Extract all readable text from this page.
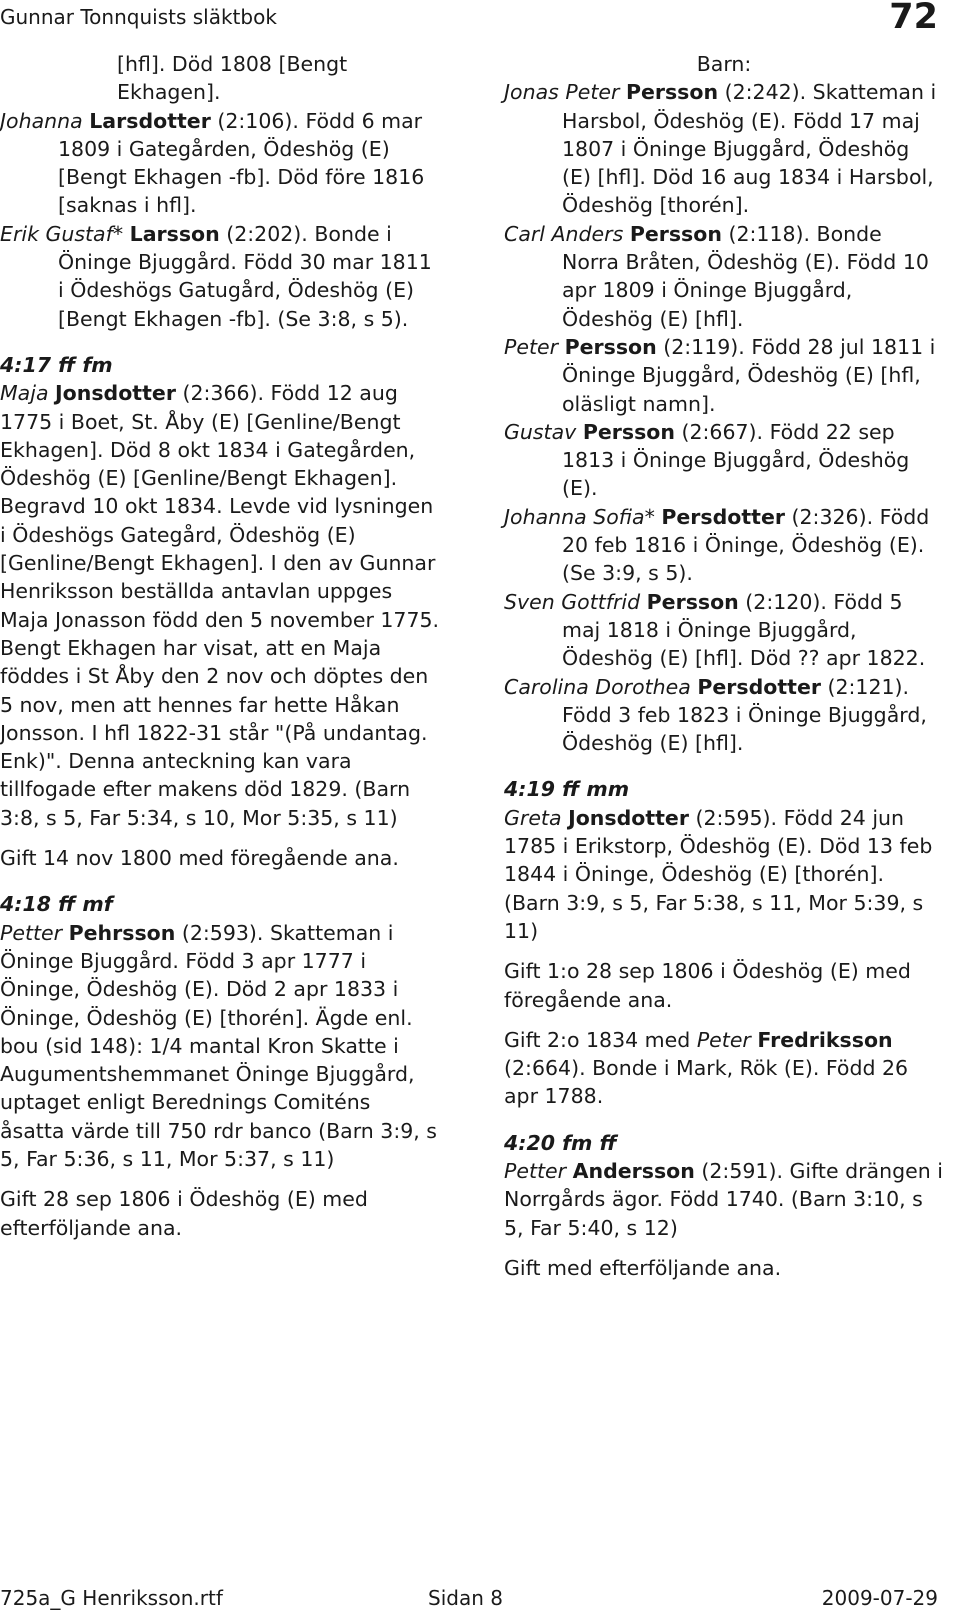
Gunnar Tonnquists släktbok	72
[hfl]. Död 1808 [Bengt Ekhagen].
Johanna Larsdotter (2:106). Född 6 mar 1809 i Gategården, Ödeshög (E) [Bengt Ekhagen -fb]. Död före 1816 [saknas i hfl].
Erik Gustaf* Larsson (2:202). Bonde i Öninge Bjuggård. Född 30 mar 1811 i Ödeshögs Gatugård, Ödeshög (E) [Bengt Ekhagen -fb]. (Se 3:8, s 5).

4:17 ff fm

Maja Jonsdotter (2:366). Född 12 aug 1775 i Boet, St. Åby (E) [Genline/Bengt Ekhagen]. Död 8 okt 1834 i Gategården, Ödeshög (E) [Genline/Bengt Ekhagen]. Begravd 10 okt 1834. Levde vid lysningen i Ödeshögs Gategård, Ödeshög (E) [Genline/Bengt Ekhagen]. I den av Gunnar Henriksson beställda antavlan uppges Maja Jonasson född den 5 november 1775. Bengt Ekhagen har visat, att en Maja föddes i St Åby den 2 nov och döptes den 5 nov, men att hennes far hette Håkan Jonsson. I hfl 1822-31 står "(På undantag. Enk)". Denna anteckning kan vara tillfogade efter makens död 1829. (Barn 3:8, s 5, Far 5:34, s 10, Mor 5:35, s 11)

Gift 14 nov 1800 med föregående ana.

4:18 ff mf

Petter Pehrsson (2:593). Skatteman i Öninge Bjuggård. Född 3 apr 1777 i Öninge, Ödeshög (E). Död 2 apr 1833 i Öninge, Ödeshög (E) [thorén]. Ägde enl. bou (sid 148): 1/4 mantal Kron Skatte i Augumentshemmanet Öninge Bjuggård, uptaget enligt Berednings Comiténs åsatta värde till 750 rdr banco (Barn 3:9, s 5, Far 5:36, s 11, Mor 5:37, s 11)

Gift 28 sep 1806 i Ödeshög (E) med efterföljande ana.

Barn:

Jonas Peter Persson (2:242). Skatteman i Harsbol, Ödeshög (E). Född 17 maj 1807 i Öninge Bjuggård, Ödeshög (E) [hfl]. Död 16 aug 1834 i Harsbol, Ödeshög [thorén].
Carl Anders Persson (2:118). Bonde Norra Bråten, Ödeshög (E). Född 10 apr 1809 i Öninge Bjuggård, Ödeshög (E) [hfl].
Peter Persson (2:119). Född 28 jul 1811 i Öninge Bjuggård, Ödeshög (E) [hfl, oläsligt namn].
Gustav Persson (2:667). Född 22 sep 1813 i Öninge Bjuggård, Ödeshög (E).
Johanna Sofia* Persdotter (2:326). Född 20 feb 1816 i Öninge, Ödeshög (E). (Se 3:9, s 5).
Sven Gottfrid Persson (2:120). Född 5 maj 1818 i Öninge Bjuggård, Ödeshög (E) [hfl]. Död ?? apr 1822.
Carolina Dorothea Persdotter (2:121). Född 3 feb 1823 i Öninge Bjuggård, Ödeshög (E) [hfl].

4:19 ff mm

Greta Jonsdotter (2:595). Född 24 jun 1785 i Erikstorp, Ödeshög (E). Död 13 feb 1844 i Öninge, Ödeshög (E) [thorén]. (Barn 3:9, s 5, Far 5:38, s 11, Mor 5:39, s 11)

Gift 1:o 28 sep 1806 i Ödeshög (E) med föregående ana.

Gift 2:o 1834 med Peter Fredriksson (2:664). Bonde i Mark, Rök (E). Född 26 apr 1788.

4:20 fm ff

Petter Andersson (2:591). Gifte drängen i Norrgårds ägor. Född 1740. (Barn 3:10, s 5, Far 5:40, s 12)

Gift med efterföljande ana.

725a_G Henriksson.rtf	Sidan 8	2009-07-29
